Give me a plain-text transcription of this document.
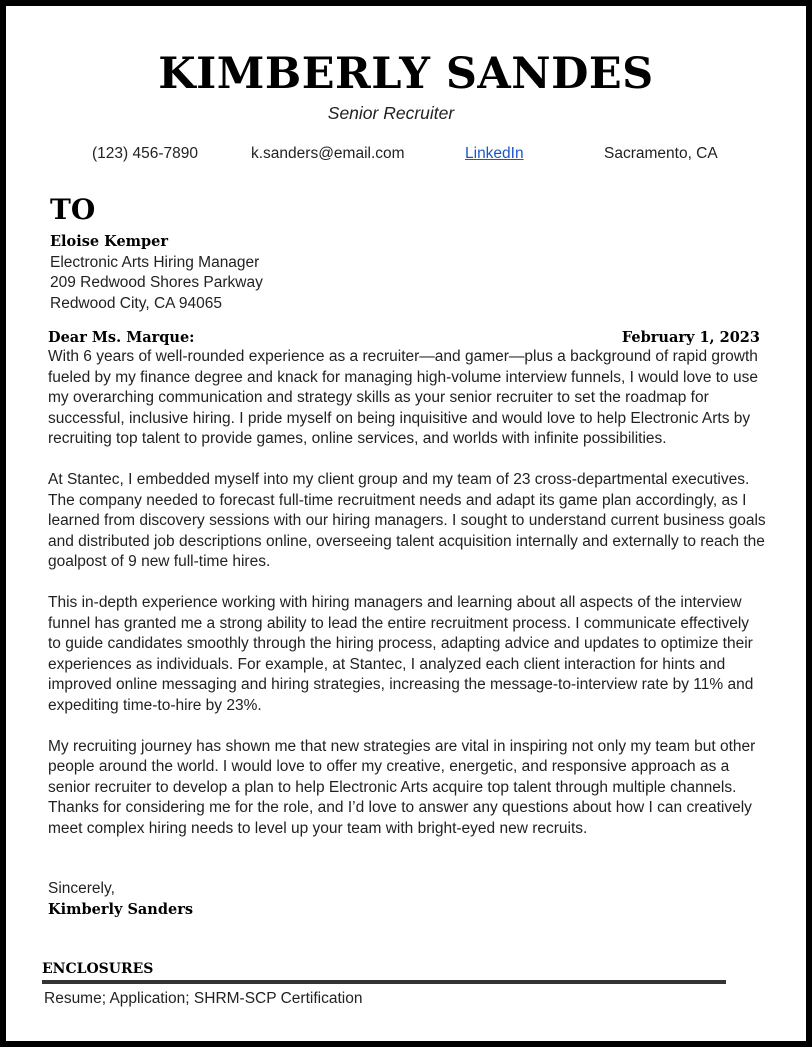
KIMBERLY SANDES
Senior Recruiter
(123) 456-7890	k.sanders@email.com	LinkedIn	Sacramento, CA
TO
Eloise Kemper
Electronic Arts Hiring Manager
209 Redwood Shores Parkway
Redwood City, CA 94065
Dear Ms. Marque:	February 1, 2023

With 6 years of well-rounded experience as a recruiter—and gamer—plus a background of rapid growth fueled by my finance degree and knack for managing high-volume interview funnels, I would love to use my overarching communication and strategy skills as your senior recruiter to set the roadmap for successful, inclusive hiring. I pride myself on being inquisitive and would love to help Electronic Arts by recruiting top talent to provide games, online services, and worlds with infinite possibilities.

At Stantec, I embedded myself into my client group and my team of 23 cross-departmental executives. The company needed to forecast full-time recruitment needs and adapt its game plan accordingly, as I learned from discovery sessions with our hiring managers. I sought to understand current business goals and distributed job descriptions online, overseeing talent acquisition internally and externally to reach the goalpost of 9 new full-time hires.

This in-depth experience working with hiring managers and learning about all aspects of the interview funnel has granted me a strong ability to lead the entire recruitment process. I communicate effectively to guide candidates smoothly through the hiring process, adapting advice and updates to optimize their experiences as individuals. For example, at Stantec, I analyzed each client interaction for hints and improved online messaging and hiring strategies, increasing the message-to-interview rate by 11% and expediting time-to-hire by 23%.

My recruiting journey has shown me that new strategies are vital in inspiring not only my team but other people around the world. I would love to offer my creative, energetic, and responsive approach as a senior recruiter to develop a plan to help Electronic Arts acquire top talent through multiple channels. Thanks for considering me for the role, and I’d love to answer any questions about how I can creatively meet complex hiring needs to level up your team with bright-eyed new recruits.

Sincerely,
Kimberly Sanders
ENCLOSURES
Resume; Application; SHRM-SCP Certification
